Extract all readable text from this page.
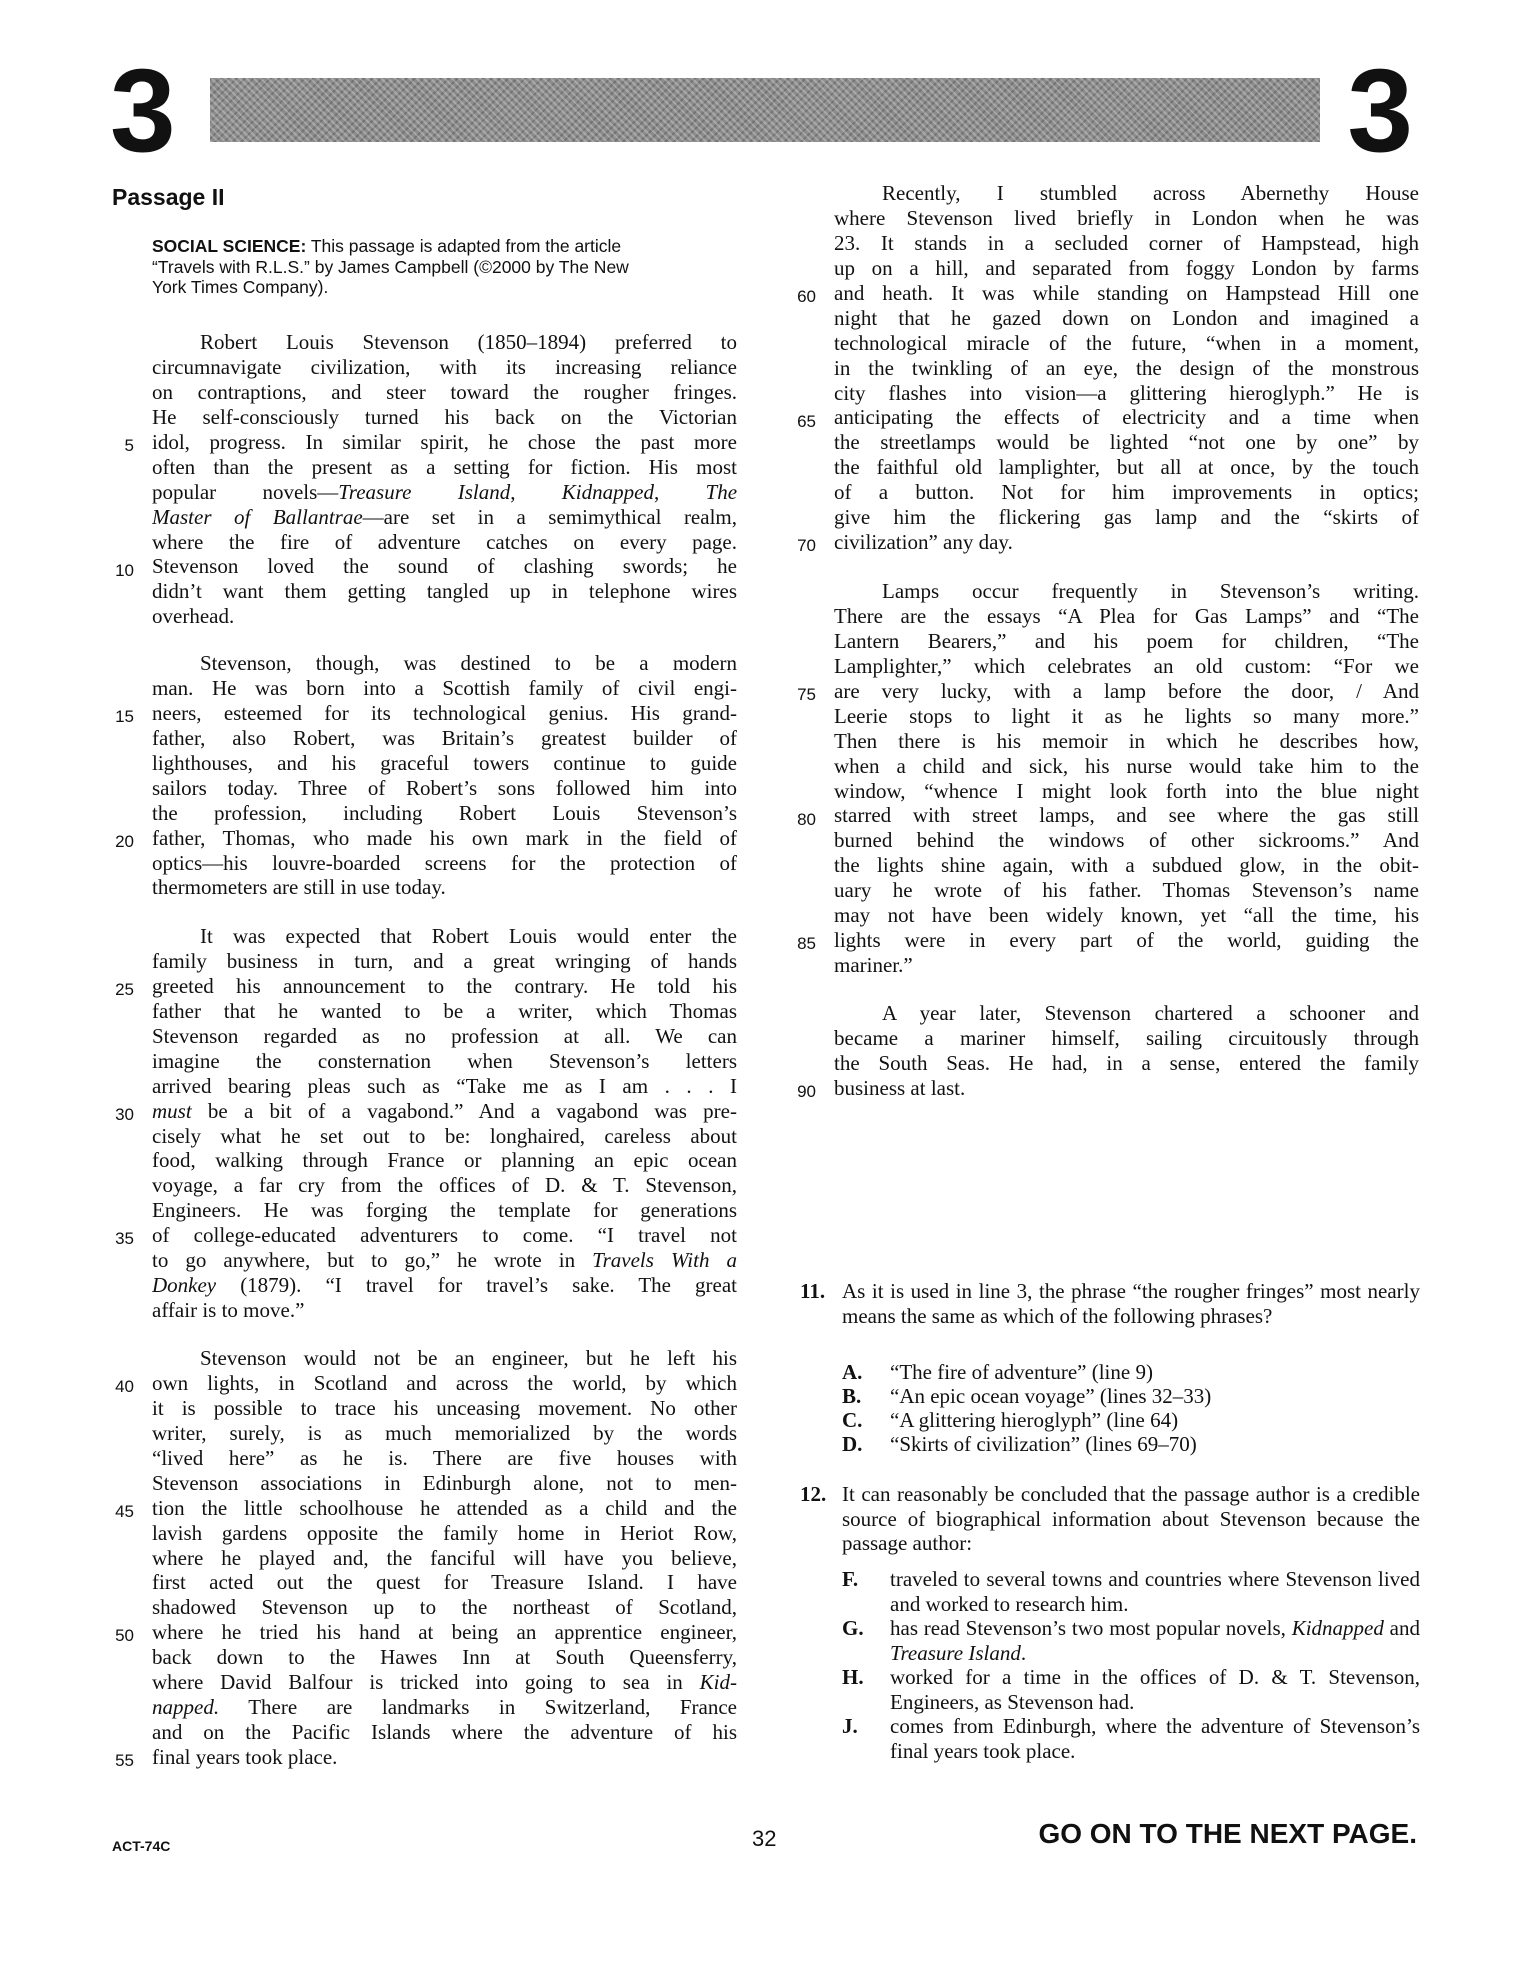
3	3
Passage II
SOCIAL SCIENCE: This passage is adapted from the article
“Travels with R.L.S.” by James Campbell (©2000 by The New
York Times Company).
Robert Louis Stevenson (1850–1894) preferred to
circumnavigate civilization, with its increasing reliance
on contraptions, and steer toward the rougher fringes.
He self-consciously turned his back on the Victorian
idol, progress. In similar spirit, he chose the past more
5
often than the present as a setting for fiction. His most
popular novels—Treasure Island, Kidnapped, The
Master of Ballantrae—are set in a semimythical realm,
where the fire of adventure catches on every page.
Stevenson loved the sound of clashing swords; he
10
didn’t want them getting tangled up in telephone wires
overhead.
Stevenson, though, was destined to be a modern
man. He was born into a Scottish family of civil engi-
neers, esteemed for its technological genius. His grand-
15
father, also Robert, was Britain’s greatest builder of
lighthouses, and his graceful towers continue to guide
sailors today. Three of Robert’s sons followed him into
the profession, including Robert Louis Stevenson’s
father, Thomas, who made his own mark in the field of
20
optics—his louvre-boarded screens for the protection of
thermometers are still in use today.
It was expected that Robert Louis would enter the
family business in turn, and a great wringing of hands
greeted his announcement to the contrary. He told his
25
father that he wanted to be a writer, which Thomas
Stevenson regarded as no profession at all. We can
imagine the consternation when Stevenson’s letters
arrived bearing pleas such as “Take me as I am . . . I
must be a bit of a vagabond.” And a vagabond was pre-
30
cisely what he set out to be: longhaired, careless about
food, walking through France or planning an epic ocean
voyage, a far cry from the offices of D. & T. Stevenson,
Engineers. He was forging the template for generations
of college-educated adventurers to come. “I travel not
35
to go anywhere, but to go,” he wrote in Travels With a
Donkey (1879). “I travel for travel’s sake. The great
affair is to move.”
Stevenson would not be an engineer, but he left his
own lights, in Scotland and across the world, by which
40
it is possible to trace his unceasing movement. No other
writer, surely, is as much memorialized by the words
“lived here” as he is. There are five houses with
Stevenson associations in Edinburgh alone, not to men-
tion the little schoolhouse he attended as a child and the
45
lavish gardens opposite the family home in Heriot Row,
where he played and, the fanciful will have you believe,
first acted out the quest for Treasure Island. I have
shadowed Stevenson up to the northeast of Scotland,
where he tried his hand at being an apprentice engineer,
50
back down to the Hawes Inn at South Queensferry,
where David Balfour is tricked into going to sea in Kid-
napped. There are landmarks in Switzerland, France
and on the Pacific Islands where the adventure of his
final years took place.
55
Recently, I stumbled across Abernethy House
where Stevenson lived briefly in London when he was
23. It stands in a secluded corner of Hampstead, high
up on a hill, and separated from foggy London by farms
and heath. It was while standing on Hampstead Hill one
60
night that he gazed down on London and imagined a
technological miracle of the future, “when in a moment,
in the twinkling of an eye, the design of the monstrous
city flashes into vision—a glittering hieroglyph.” He is
anticipating the effects of electricity and a time when
65
the streetlamps would be lighted “not one by one” by
the faithful old lamplighter, but all at once, by the touch
of a button. Not for him improvements in optics;
give him the flickering gas lamp and the “skirts of
civilization” any day.
70
Lamps occur frequently in Stevenson’s writing.
There are the essays “A Plea for Gas Lamps” and “The
Lantern Bearers,” and his poem for children, “The
Lamplighter,” which celebrates an old custom: “For we
are very lucky, with a lamp before the door, / And
75
Leerie stops to light it as he lights so many more.”
Then there is his memoir in which he describes how,
when a child and sick, his nurse would take him to the
window, “whence I might look forth into the blue night
starred with street lamps, and see where the gas still
80
burned behind the windows of other sickrooms.” And
the lights shine again, with a subdued glow, in the obit-
uary he wrote of his father. Thomas Stevenson’s name
may not have been widely known, yet “all the time, his
lights were in every part of the world, guiding the
85
mariner.”
A year later, Stevenson chartered a schooner and
became a mariner himself, sailing circuitously through
the South Seas. He had, in a sense, entered the family
business at last.
90
11. As it is used in line 3, the phrase “the rougher fringes” most nearly means the same as which of the following phrases?
A. “The fire of adventure” (line 9)
B. “An epic ocean voyage” (lines 32–33)
C. “A glittering hieroglyph” (line 64)
D. “Skirts of civilization” (lines 69–70)
12. It can reasonably be concluded that the passage author is a credible source of biographical information about Stevenson because the passage author:
F. traveled to several towns and countries where Stevenson lived and worked to research him.
G. has read Stevenson’s two most popular novels, Kidnapped and Treasure Island.
H. worked for a time in the offices of D. & T. Stevenson, Engineers, as Stevenson had.
J. comes from Edinburgh, where the adventure of Stevenson’s final years took place.
ACT-74C	32	GO ON TO THE NEXT PAGE.
